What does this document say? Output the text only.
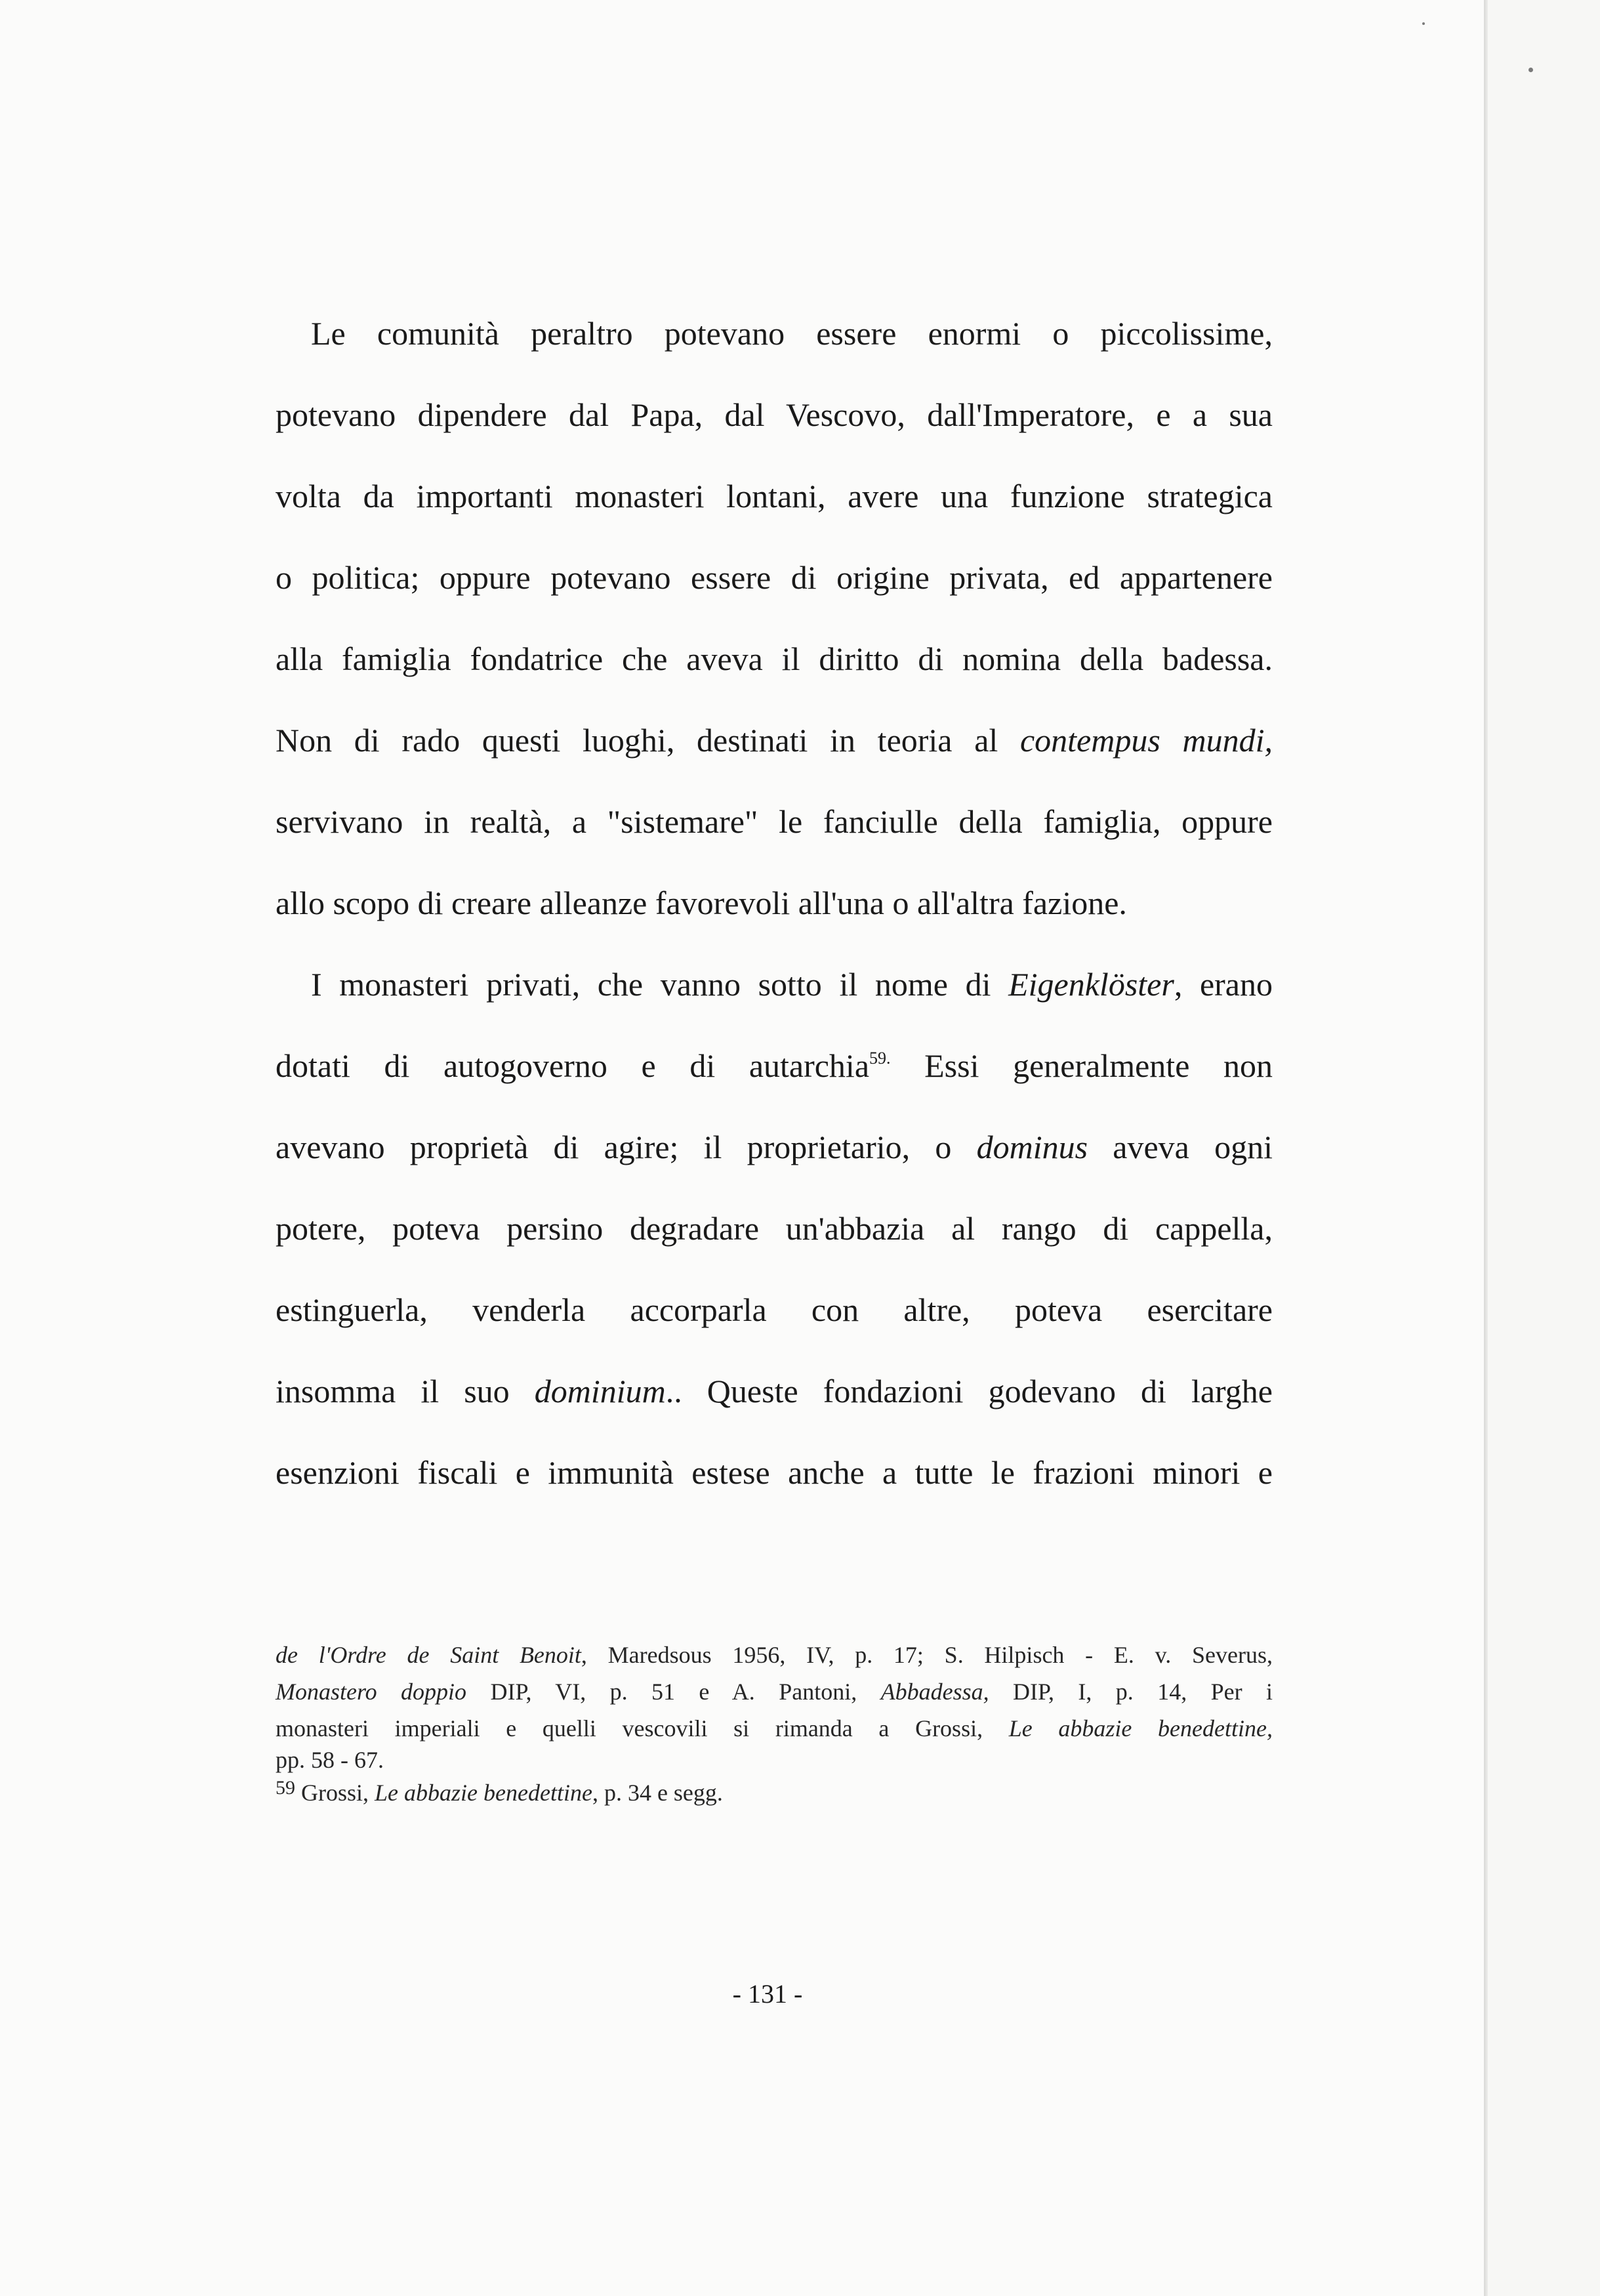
Le comunità peraltro potevano essere enormi o piccolissime,
potevano dipendere dal Papa, dal Vescovo, dall'Imperatore, e a sua
volta da importanti monasteri lontani, avere una funzione strategica
o politica; oppure potevano essere di origine privata, ed appartenere
alla famiglia fondatrice che aveva il diritto di nomina della badessa.
Non di rado questi luoghi, destinati in teoria al contempus mundi,
servivano in realtà, a "sistemare" le fanciulle della famiglia, oppure
allo scopo di creare alleanze favorevoli all'una o all'altra fazione.
I monasteri privati, che vanno sotto il nome di Eigenklöster, erano
dotati di autogoverno e di autarchia$^{59.}$ Essi generalmente non
avevano proprietà di agire; il proprietario, o dominus aveva ogni
potere, poteva persino degradare un'abbazia al rango di cappella,
estinguerla, venderla accorparla con altre, poteva esercitare
insomma il suo dominium.. Queste fondazioni godevano di larghe
esenzioni fiscali e immunità estese anche a tutte le frazioni minori e
de l'Ordre de Saint Benoit, Maredsous 1956, IV, p. 17; S. Hilpisch - E. v. Severus,
Monastero doppio DIP, VI, p. 51 e A. Pantoni, Abbadessa, DIP, I, p. 14, Per i
monasteri imperiali e quelli vescovili si rimanda a Grossi, Le abbazie benedettine,
pp. 58 - 67.
$^{59}$ Grossi, Le abbazie benedettine, p. 34 e segg.
- 131 -
